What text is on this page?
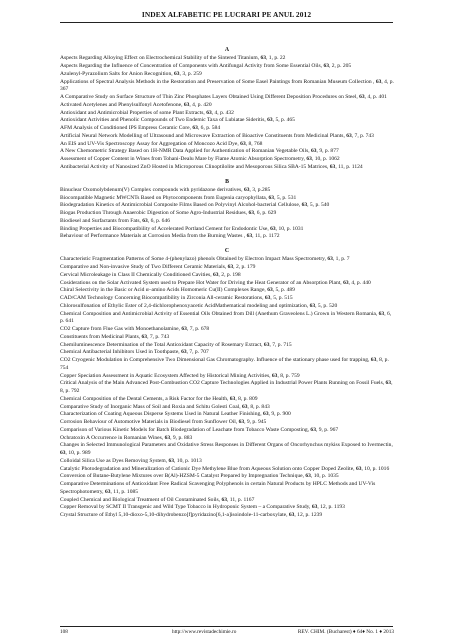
INDEX ALFABETIC PE LUCRARI PE ANUL 2012
A
Aspects Regarding Alloying Effect on Electrochemical Stability of the Sintered Titanium, 63, 1, p. 22
Aspects Regarding the Influence of Concentration of Components with Antifungal Activity from Some Essential Oils, 63, 2, p. 205
Azulenyl-Pyrazolium Salts for Anion Recognition, 63, 3, p. 259
Applications of Spectral Analysis Methods in the Restoration and Preservation of Some Easel Paintings from Romanian Museum Collection , 63, 4, p. 367
A Comparative Study on Surface Structure of Thin Zinc Phosphates Layers Obtained Using Different Deposition Procedures on Steel, 63, 4, p. 401
Activated Acetylenes and Phenylsulfonyl Acetofenone, 63, 4, p. 420
Antioxidant and Antimicrobial Properties of some Plant Extracts, 63, 4, p. 432
Antioxidant Activities and Phenolic Compounds of Two Endemic Taxa of Lubiatae Sideritis, 63, 5, p. 465
AFM Analysis of Conditioned IPS Empress Ceramic Core, 63, 6, p. 584
Artificial Neural Network Modelling of Ultrasound and Microwave Extraction of Bioactive Constituents from Medicinal Plants, 63, 7, p. 743
An EIS and UV-Vis Spectroscopy Assay for Aggregation of Moncozo Acid Dye, 63, 8, 768
A New Chemometric Strategy Based on 1H-NMR Data Applied for Authentication of Romanian Vegetable Oils, 63, 9, p. 877
Assessment of Copper Content in Wines from Tohani-Dealu Mare by Flame Atomic Absorption Spectrometry, 63, 10, p. 1062
Antibacterial Activity of Nanosized ZnO Hosted in Microporous Clinoptilolite and Mesoporous Silica SBA-15 Matrices, 63, 11, p. 1124
B
Binuclear Oxomolybdenum(V) Complex compounds with pyridazone derivatives, 63, 3, p.285
Biocompatible Magnetic MWCNTs Based on Phytocomponents from Eugenia caryophyllata, 63, 5, p. 531
Biodegradation Kinetics of Antimicrobial Composite Films Based on Polyvinyl Alcohol-bacterial Cellulose, 63, 5, p. 540
Biogas Production Through Anaerobic Digestion of Some Agro-Industrial Residues, 63, 6, p. 629
Biodiesel and Surfactants from Fats, 63, 6, p. 646
Binding Properties and Biocompatibility of Accelerated Portland Cement for Endodontic Use, 63, 10, p. 1031
Behaviour of Performance Materials at Corrosion Media from the Burning Wastes , 63, 11, p. 1172
C
Characteristic Fragmentation Patterns of Some 4-(phenylazo) phenols Obtained by Electron Impact Mass Spectrometry, 63, 1, p. 7
Comparative and Non-invasive Study of Two Different Ceramic Materials, 63, 2, p. 179
Cervical Microleakage in Class II Chemically Conditioned Cavities, 63, 2, p. 198
Cosiderations on the Solar Activated System used to Prepare Hot Water for Driving the Heat Generator of an Absorption Plant, 63, 4, p. 440
Chiral Selectivity in the Basic or Acid α–amino Acids Homomeric Cu(II) Complexes Range, 63, 5, p. 489
CAD/CAM Technology Concerning Biocompatibility in Zirconia All-ceramic Restorations, 63, 5, p. 515
Chlorosulfonation of Ethylic Ester of 2,4-dichlorophenoxyacetic AcidMathematical modeling and optimization, 63, 5, p. 520
Chemical Composition and Antimicrobial Activity of Essential Oils Obtained from Dill (Anethum Graveolens L.) Grown in Western Romania, 63, 6, p. 641
CO2 Capture from Flue Gas with Monoethanolamine, 63, 7, p. 678
Constituents from Medicinal Plants, 63, 7, p. 743
Chemiluminescence Determination of the Total Antioxidant Capacity of Rosemary Extract, 63, 7, p. 715
Chemical Antibacterial Inhibitors Used in Toothpaste, 63, 7, p. 707
CO2 Cryogenic Modulation in Comprehensive Two Dimensional Gas Chromatography. Influence of the stationary phase used for trapping, 63, 8, p. 754
Copper Speciation Assessment in Aquatic Ecosystem Affected by Historical Mining Activities, 63, 8, p. 759
Critical Analysis of the Main Advanced Post-Combustion CO2 Capture Technologies Applied in Industrial Power Plants Running on Fossil Fuels, 63, 8, p. 792
Chemical Composition of the Dental Cements, a Risk Factor for the Health, 63, 8, p. 809
Comparative Study of Inorganic Mass of Soil and Roxia and Schitu Golesti Coal, 63, 8, p. 843
Characterization of Coating Aqueous Disperse Systems Used in Natural Leather Finishing, 63, 9, p. 900
Corrosion Behaviour of Automotive Materials in Biodiesel from Sunflower Oil, 63, 9, p. 945
Comparison of Various Kinetic Models for Batch Biodegradation of Leachate from Tobacco Waste Composting, 63, 9, p. 967
Ochratoxin A Occurrence in Romanian Wines, 63, 9, p. 883
Changes in Selected Immunological Parameters and Oxidative Stress Responses in Different Organs of Oncorhynchus mykiss Exposed to Ivermectin, 63, 10, p. 989
Colloidal Silica Use as Dyes Removing System, 63, 10, p. 1013
Catalytic Photodegradation and Mineralization of Cationic Dye Methylene Blue from Aqueous Solution onto Copper Doped Zeolite, 63, 10, p. 1016
Conversion of Butane-Butylene Mixtures over B(Al)-HZSM-5 Catalyst Prepared by Impregnation Technique, 63, 10, p. 1035
Comparative Determinations of Antioxidant Free Radical Scavenging Polyphenols in certain Natural Products by HPLC Methods and UV-Vis Spectrophotometry, 63, 11, p. 1085
Coupled Chemical and Biological Treatment of Oil Contaminated Soils, 63, 11, p. 1167
Copper Removal by SCMT II Transgenic and Wild Type Tobacco in Hydroponic System – a Comparative Study, 63, 12, p. 1193
Crystal Structure of Ethyl 5,10-dioxo-5,10-dihydrobenzo[f]pyridazino[6,1-a]isoindole-11-carboxylate, 63, 12, p. 1239
108	http://www.revistadechimie.ro	REV. CHIM. (Bucharest) ♦ 64♦ No. 1 ♦ 2013
